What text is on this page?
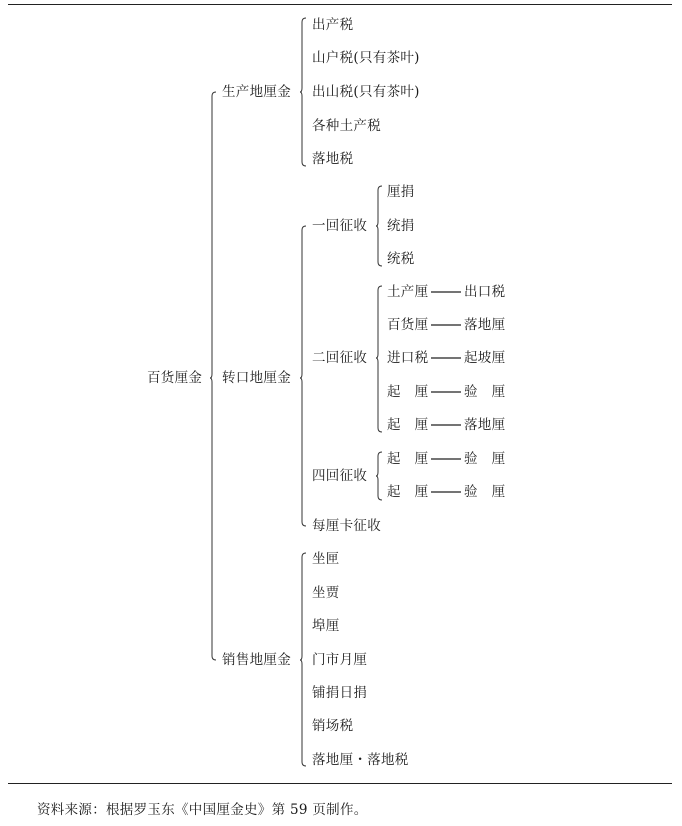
百货厘金
生产地厘金
出产税
山户税(只有茶叶)
出山税(只有茶叶)
各种土产税
落地税
转口地厘金
一回征收
厘捐
统捐
统税
二回征收
土产厘	出口税
百货厘	落地厘
进口税	起坡厘
起　厘	验　厘
起　厘	落地厘
四回征收
起　厘	验　厘
起　厘	验　厘
每厘卡征收
销售地厘金
坐匣
坐贾
埠厘
门市月厘
铺捐日捐
销场税
落地厘・落地税
资料来源：根据罗玉东《中国厘金史》第 59 页制作。
